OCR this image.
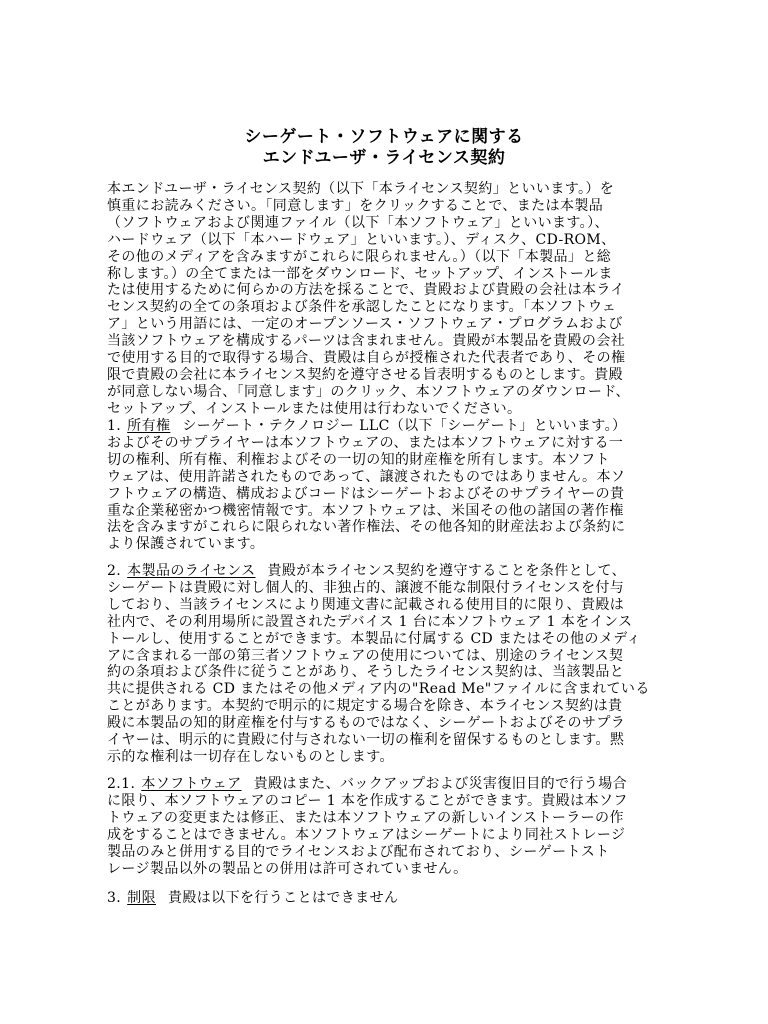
シーゲート・ソフトウェアに関する
エンドユーザ・ライセンス契約
本エンドユーザ・ライセンス契約（以下「本ライセンス契約」といいます。）を
慎重にお読みください。「同意します」をクリックすることで、または本製品
（ソフトウェアおよび関連ファイル（以下「本ソフトウェア」といいます。）、
ハードウェア（以下「本ハードウェア」といいます。）、ディスク、CD-ROM、
その他のメディアを含みますがこれらに限られません。）（以下「本製品」と総
称します。）の全てまたは一部をダウンロード、セットアップ、インストールま
たは使用するために何らかの方法を採ることで、貴殿および貴殿の会社は本ライ
センス契約の全ての条項および条件を承認したことになります。「本ソフトウェ
ア」という用語には、一定のオープンソース・ソフトウェア・プログラムおよび
当該ソフトウェアを構成するパーツは含まれません。貴殿が本製品を貴殿の会社
で使用する目的で取得する場合、貴殿は自らが授権された代表者であり、その権
限で貴殿の会社に本ライセンス契約を遵守させる旨表明するものとします。貴殿
が同意しない場合、「同意します」のクリック、本ソフトウェアのダウンロード、
セットアップ、インストールまたは使用は行わないでください。
1. 所有権 シーゲート・テクノロジー LLC（以下「シーゲート」といいます。）
およびそのサプライヤーは本ソフトウェアの、または本ソフトウェアに対する一
切の権利、所有権、利権およびその一切の知的財産権を所有します。本ソフト
ウェアは、使用許諾されたものであって、譲渡されたものではありません。本ソ
フトウェアの構造、構成およびコードはシーゲートおよびそのサプライヤーの貴
重な企業秘密かつ機密情報です。本ソフトウェアは、米国その他の諸国の著作権
法を含みますがこれらに限られない著作権法、その他各知的財産法および条約に
より保護されています。
2. 本製品のライセンス 貴殿が本ライセンス契約を遵守することを条件として、
シーゲートは貴殿に対し個人的、非独占的、譲渡不能な制限付ライセンスを付与
しており、当該ライセンスにより関連文書に記載される使用目的に限り、貴殿は
社内で、その利用場所に設置されたデバイス 1 台に本ソフトウェア 1 本をインス
トールし、使用することができます。本製品に付属する CD またはその他のメディ
アに含まれる一部の第三者ソフトウェアの使用については、別途のライセンス契
約の条項および条件に従うことがあり、そうしたライセンス契約は、当該製品と
共に提供される CD またはその他メディア内の"Read Me"ファイルに含まれている
ことがあります。本契約で明示的に規定する場合を除き、本ライセンス契約は貴
殿に本製品の知的財産権を付与するものではなく、シーゲートおよびそのサプラ
イヤーは、明示的に貴殿に付与されない一切の権利を留保するものとします。黙
示的な権利は一切存在しないものとします。
2.1. 本ソフトウェア 貴殿はまた、バックアップおよび災害復旧目的で行う場合
に限り、本ソフトウェアのコピー 1 本を作成することができます。貴殿は本ソフ
トウェアの変更または修正、または本ソフトウェアの新しいインストーラーの作
成をすることはできません。本ソフトウェアはシーゲートにより同社ストレージ
製品のみと併用する目的でライセンスおよび配布されており、シーゲートスト
レージ製品以外の製品との併用は許可されていません。
3. 制限 貴殿は以下を行うことはできません
